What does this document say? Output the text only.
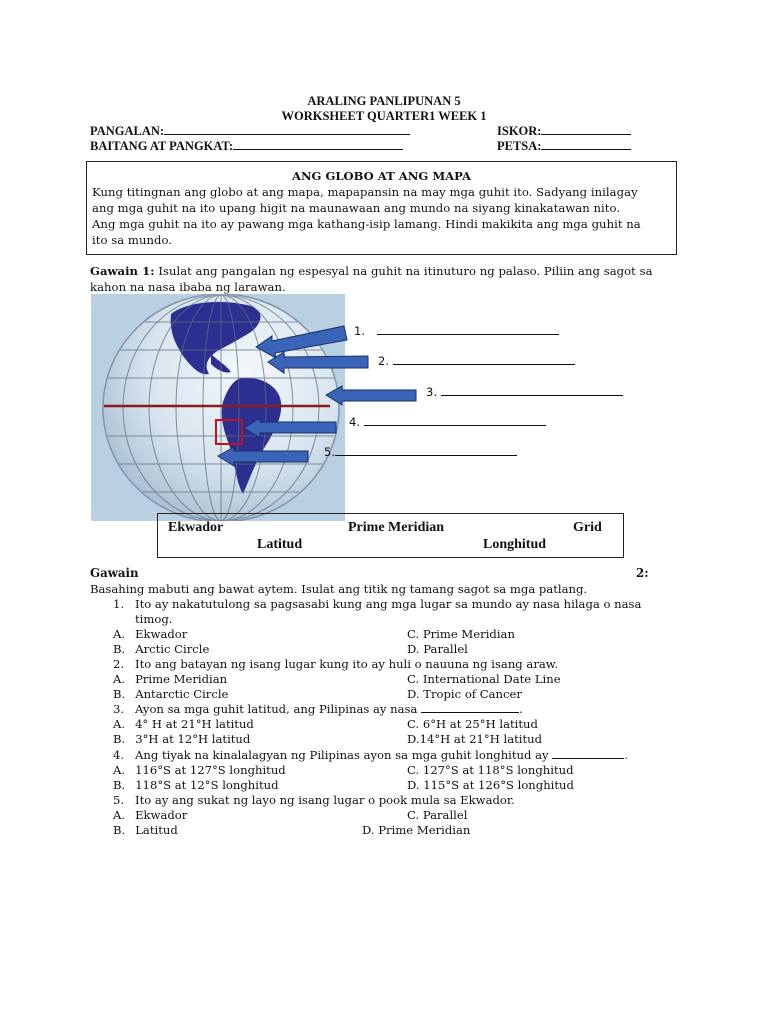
ARALING PANLIPUNAN 5
WORKSHEET QUARTER1 WEEK 1
PANGALAN:	ISKOR:
BAITANG AT PANGKAT:	PETSA:
ANG GLOBO AT ANG MAPA
Kung titingnan ang globo at ang mapa, mapapansin na may mga guhit ito. Sadyang inilagay
ang mga guhit na ito upang higit na maunawaan ang mundo na siyang kinakatawan nito.
Ang mga guhit na ito ay pawang mga kathang-isip lamang. Hindi makikita ang mga guhit na
ito sa mundo.
Gawain 1: Isulat ang pangalan ng espesyal na guhit na itinuturo ng palaso. Piliin ang sagot sa
kahon na nasa ibaba ng larawan.
1.
2.
3.
4.
5.
Ekwador	Prime Meridian	Grid
Latitud	Longhitud
Gawain	2:
Basahing mabuti ang bawat aytem. Isulat ang titik ng tamang sagot sa mga patlang.
1. Ito ay nakatutulong sa pagsasabi kung ang mga lugar sa mundo ay nasa hilaga o nasa
timog.
A. Ekwador	C. Prime Meridian
B. Arctic Circle	D. Parallel
2. Ito ang batayan ng isang lugar kung ito ay huli o nauuna ng isang araw.
A. Prime Meridian	C. International Date Line
B. Antarctic Circle	D. Tropic of Cancer
3. Ayon sa mga guhit latitud, ang Pilipinas ay nasa	.
A. 4° H at 21°H latitud	C. 6°H at 25°H latitud
B. 3°H at 12°H latitud	D.14°H at 21°H latitud
4. Ang tiyak na kinalalagyan ng Pilipinas ayon sa mga guhit longhitud ay	.
A. 116°S at 127°S longhitud	C. 127°S at 118°S longhitud
B. 118°S at 12°S longhitud	D. 115°S at 126°S longhitud
5. Ito ay ang sukat ng layo ng isang lugar o pook mula sa Ekwador.
A. Ekwador	C. Parallel
B. Latitud	D. Prime Meridian
